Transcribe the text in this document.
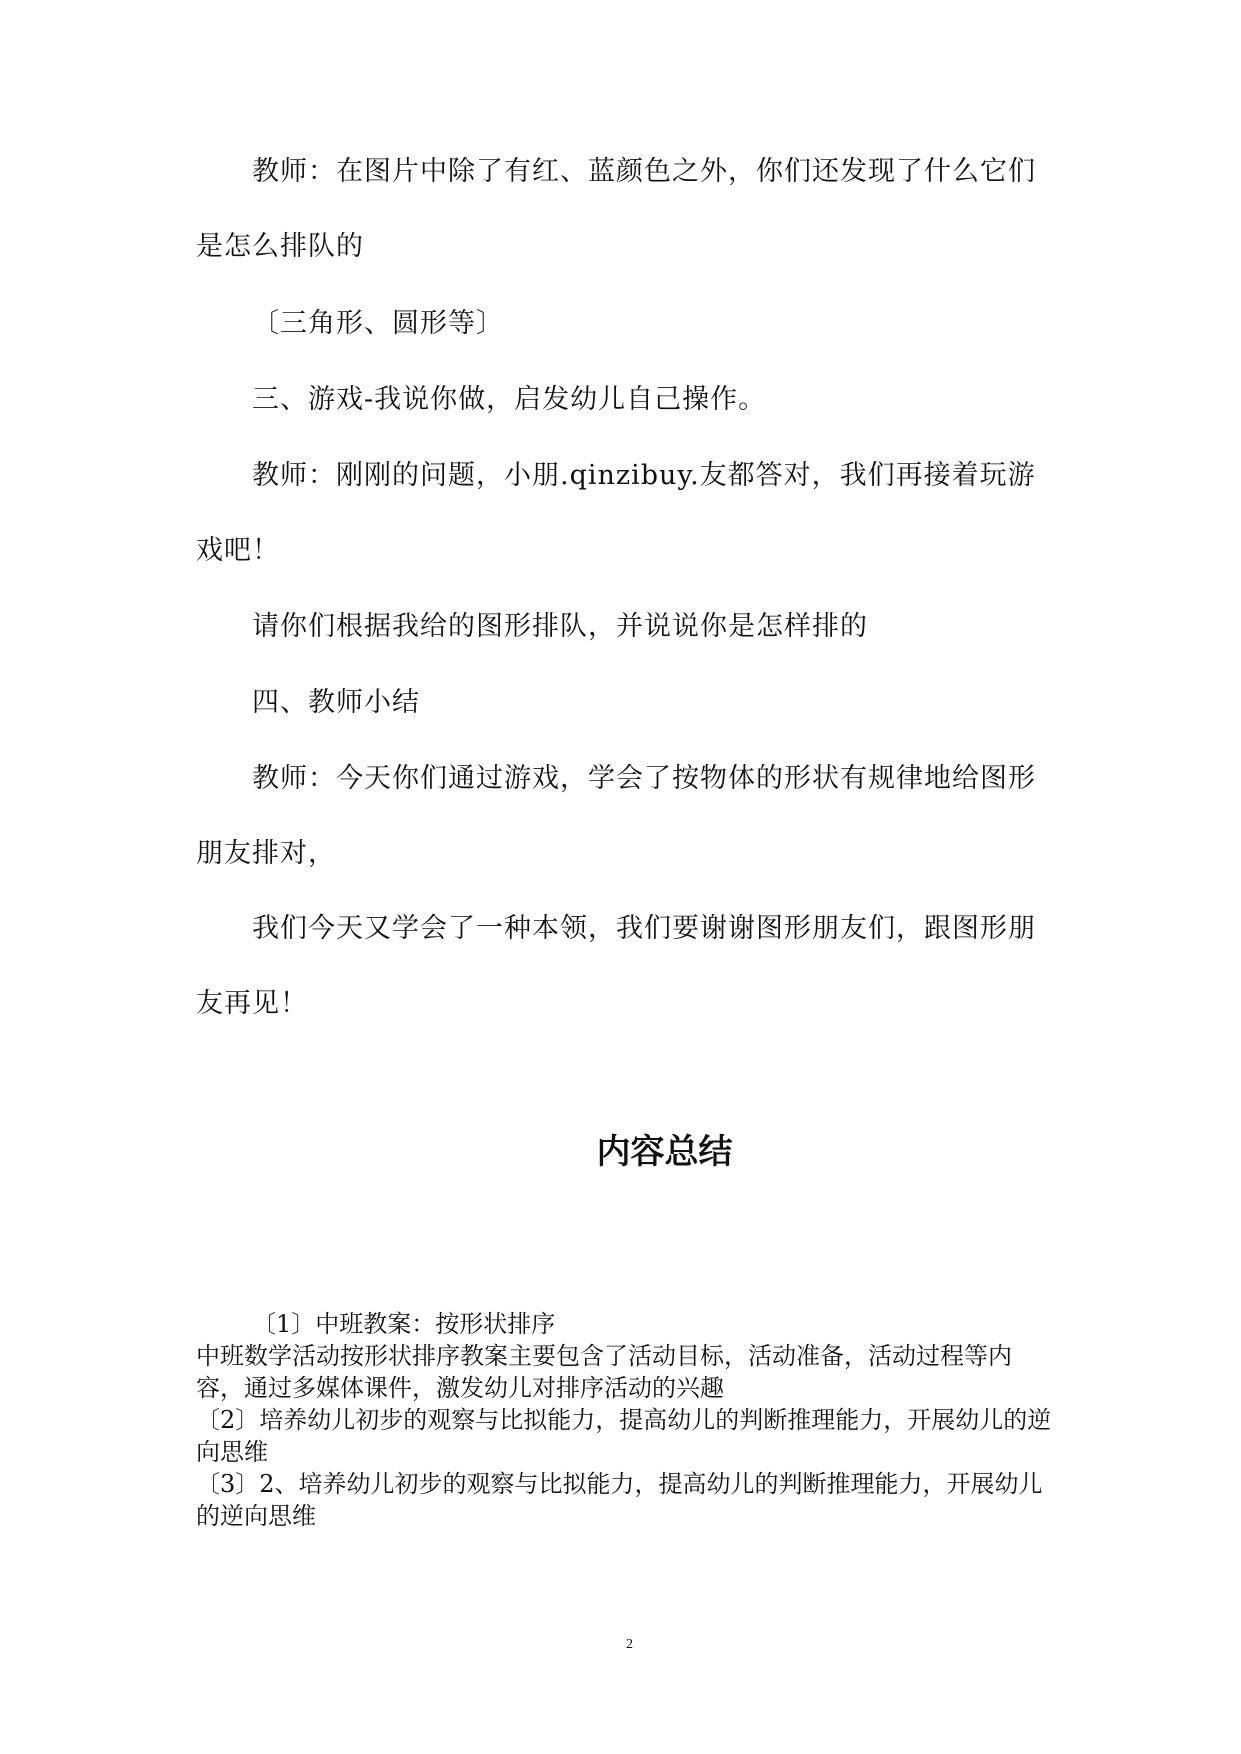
教师：在图片中除了有红、蓝颜色之外，你们还发现了什么它们是怎么排队的

〔三角形、圆形等〕

三、游戏-我说你做，启发幼儿自己操作。

教师：刚刚的问题，小朋.qinzibuy.友都答对，我们再接着玩游戏吧！

请你们根据我给的图形排队，并说说你是怎样排的

四、教师小结

教师：今天你们通过游戏，学会了按物体的形状有规律地给图形朋友排对，

我们今天又学会了一种本领，我们要谢谢图形朋友们，跟图形朋友再见！

内容总结

〔1〕中班教案：按形状排序

中班数学活动按形状排序教案主要包含了活动目标，活动准备，活动过程等内容，通过多媒体课件，激发幼儿对排序活动的兴趣

〔2〕培养幼儿初步的观察与比拟能力，提高幼儿的判断推理能力，开展幼儿的逆向思维

〔3〕2、培养幼儿初步的观察与比拟能力，提高幼儿的判断推理能力，开展幼儿的逆向思维

2
